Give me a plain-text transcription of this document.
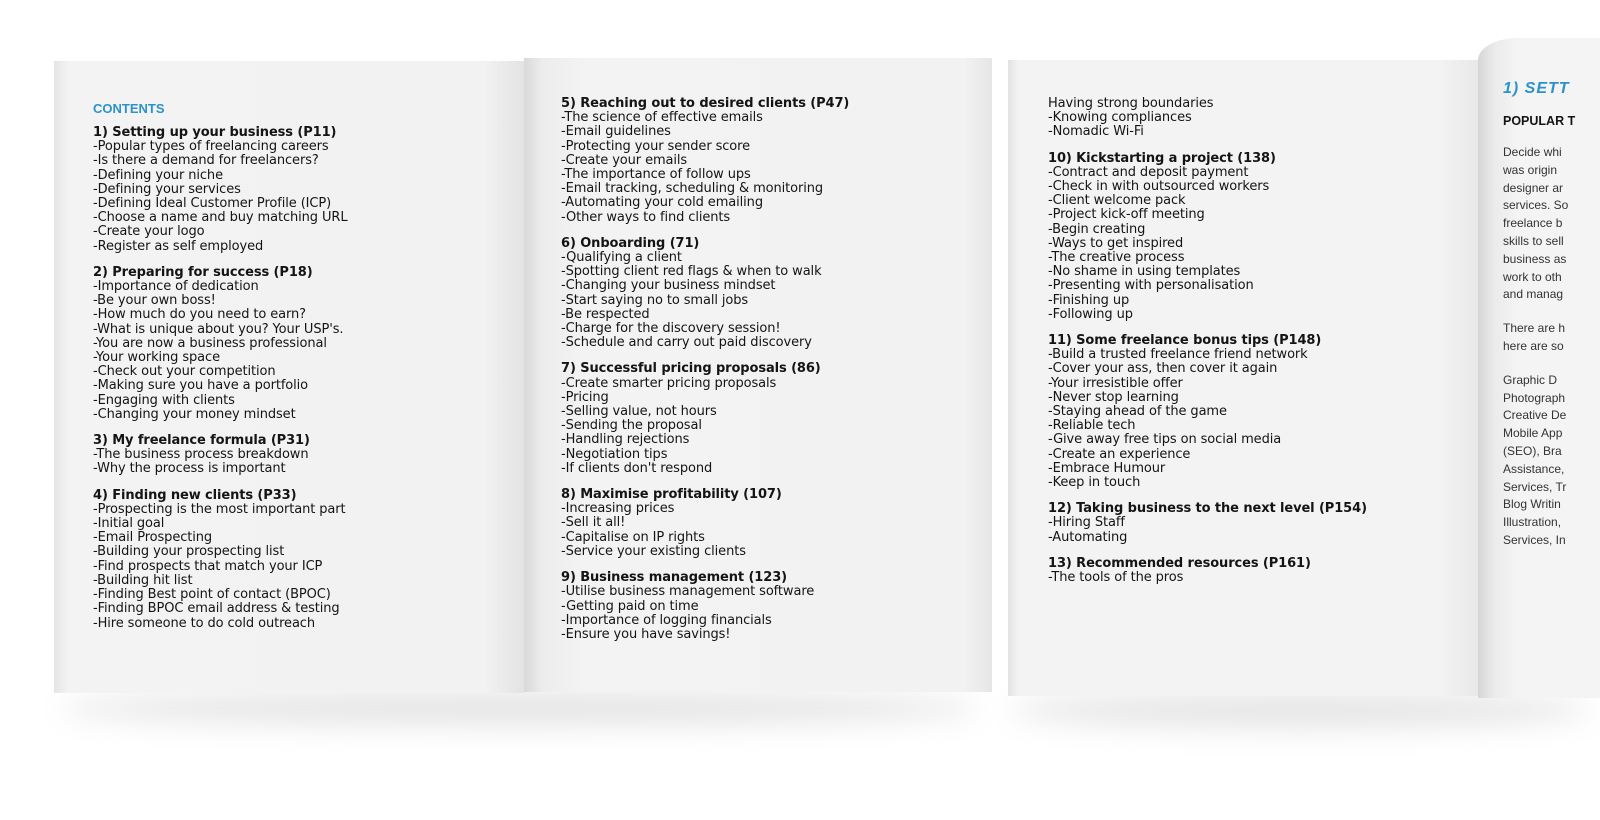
CONTENTS
1) Setting up your business (P11)
-Popular types of freelancing careers
-Is there a demand for freelancers?
-Defining your niche
-Defining your services
-Defining Ideal Customer Profile (ICP)
-Choose a name and buy matching URL
-Create your logo
-Register as self employed
2) Preparing for success (P18)
-Importance of dedication
-Be your own boss!
-How much do you need to earn?
-What is unique about you? Your USP's.
-You are now a business professional
-Your working space
-Check out your competition
-Making sure you have a portfolio
-Engaging with clients
-Changing your money mindset
3) My freelance formula (P31)
-The business process breakdown
-Why the process is important
4) Finding new clients (P33)
-Prospecting is the most important part
-Initial goal
-Email Prospecting
-Building your prospecting list
-Find prospects that match your ICP
-Building hit list
-Finding Best point of contact (BPOC)
-Finding BPOC email address & testing
-Hire someone to do cold outreach
5) Reaching out to desired clients (P47)
-The science of effective emails
-Email guidelines
-Protecting your sender score
-Create your emails
-The importance of follow ups
-Email tracking, scheduling & monitoring
-Automating your cold emailing
-Other ways to find clients
6) Onboarding (71)
-Qualifying a client
-Spotting client red flags & when to walk
-Changing your business mindset
-Start saying no to small jobs
-Be respected
-Charge for the discovery session!
-Schedule and carry out paid discovery
7) Successful pricing proposals (86)
-Create smarter pricing proposals
-Pricing
-Selling value, not hours
-Sending the proposal
-Handling rejections
-Negotiation tips
-If clients don't respond
8) Maximise profitability (107)
-Increasing prices
-Sell it all!
-Capitalise on IP rights
-Service your existing clients
9) Business management (123)
-Utilise business management software
-Getting paid on time
-Importance of logging financials
-Ensure you have savings!
Having strong boundaries
-Knowing compliances
-Nomadic Wi-Fi
10) Kickstarting a project (138)
-Contract and deposit payment
-Check in with outsourced workers
-Client welcome pack
-Project kick-off meeting
-Begin creating
-Ways to get inspired
-The creative process
-No shame in using templates
-Presenting with personalisation
-Finishing up
-Following up
11) Some freelance bonus tips (P148)
-Build a trusted freelance friend network
-Cover your ass, then cover it again
-Your irresistible offer
-Never stop learning
-Staying ahead of the game
-Reliable tech
-Give away free tips on social media
-Create an experience
-Embrace Humour
-Keep in touch
12) Taking business to the next level (P154)
-Hiring Staff
-Automating
13) Recommended resources (P161)
-The tools of the pros
1) SETT
POPULAR T
Decide whi
was origin
designer ar
services. So
freelance b
skills to sell
business as
work to oth
and manag
There are h
here are so
Graphic D
Photograph
Creative De
Mobile App
(SEO), Bra
Assistance,
Services, Tr
Blog Writin
Illustration,
Services, In
